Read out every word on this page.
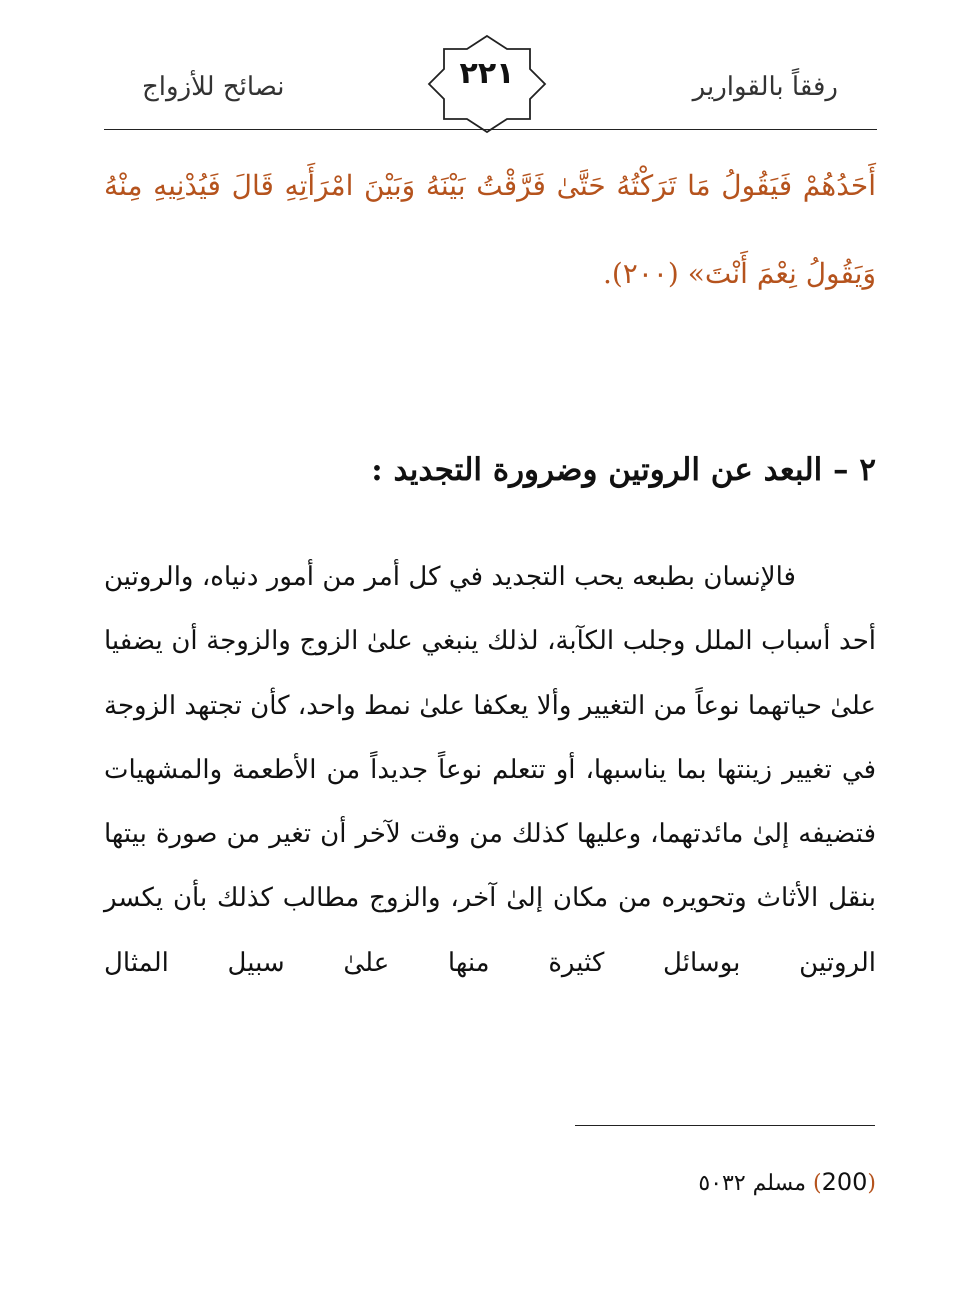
نصائح للأزواج	٢٢١	رفقاً بالقوارير
أَحَدُهُمْ فَيَقُولُ مَا تَرَكْتُهُ حَتَّىٰ فَرَّقْتُ بَيْنَهُ وَبَيْنَ امْرَأَتِهِ قَالَ فَيُدْنِيهِ مِنْهُ وَيَقُولُ نِعْمَ أَنْتَ» (٢٠٠).
٢ – البعد عن الروتين وضرورة التجديد :

فالإنسان بطبعه يحب التجديد في كل أمر من أمور دنياه، والروتين أحد أسباب الملل وجلب الكآبة، لذلك ينبغي علىٰ الزوج والزوجة أن يضفيا علىٰ حياتهما نوعاً من التغيير وألا يعكفا علىٰ نمط واحد، كأن تجتهد الزوجة في تغيير زينتها بما يناسبها، أو تتعلم نوعاً جديداً من الأطعمة والمشهيات فتضيفه إلىٰ مائدتهما، وعليها كذلك من وقت لآخر أن تغير من صورة بيتها بنقل الأثاث وتحويره من مكان إلىٰ آخر، والزوج مطالب كذلك بأن يكسر الروتين بوسائل كثيرة منها علىٰ سبيل المثال

(200) مسلم ٥٠٣٢
